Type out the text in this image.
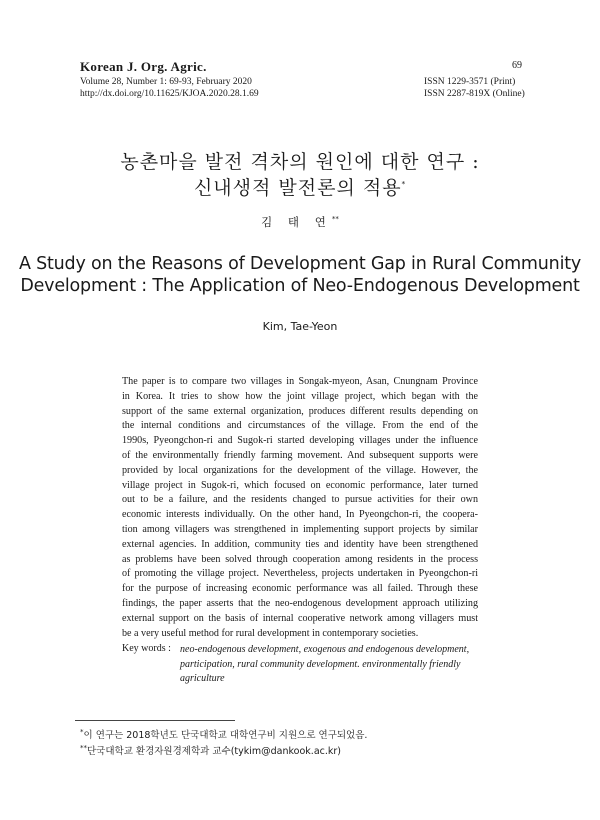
Korean J. Org. Agric.	69
Volume 28, Number 1: 69-93, February 2020
http://dx.doi.org/10.11625/KJOA.2020.28.1.69
ISSN 1229-3571 (Print)
ISSN 2287-819X (Online)
농촌마을 발전 격차의 원인에 대한 연구 :
신내생적 발전론의 적용*
김 태 연**
A Study on the Reasons of Development Gap in Rural Community
Development : The Application of Neo-Endogenous Development
Kim, Tae-Yeon
The paper is to compare two villages in Songak-myeon, Asan, Cnungnam Province
in Korea. It tries to show how the joint village project, which began with the
support of the same external organization, produces different results depending on
the internal conditions and circumstances of the village. From the end of the
1990s, Pyeongchon-ri and Sugok-ri started developing villages under the influence
of the environmentally friendly farming movement. And subsequent supports were
provided by local organizations for the development of the village. However, the
village project in Sugok-ri, which focused on economic performance, later turned
out to be a failure, and the residents changed to pursue activities for their own
economic interests individually. On the other hand, In Pyeongchon-ri, the coopera-
tion among villagers was strengthened in implementing support projects by similar
external agencies. In addition, community ties and identity have been strengthened
as problems have been solved through cooperation among residents in the process
of promoting the village project. Nevertheless, projects undertaken in Pyeongchon-ri
for the purpose of increasing economic performance was all failed. Through these
findings, the paper asserts that the neo-endogenous development approach utilizing
external support on the basis of internal cooperative network among villagers must
be a very useful method for rural development in contemporary societies.
Key words : neo-endogenous development, exogenous and endogenous development,
participation, rural community development. environmentally friendly
agriculture
*이 연구는 2018학년도 단국대학교 대학연구비 지원으로 연구되었음.
**단국대학교 환경자원경제학과 교수(tykim@dankook.ac.kr)
